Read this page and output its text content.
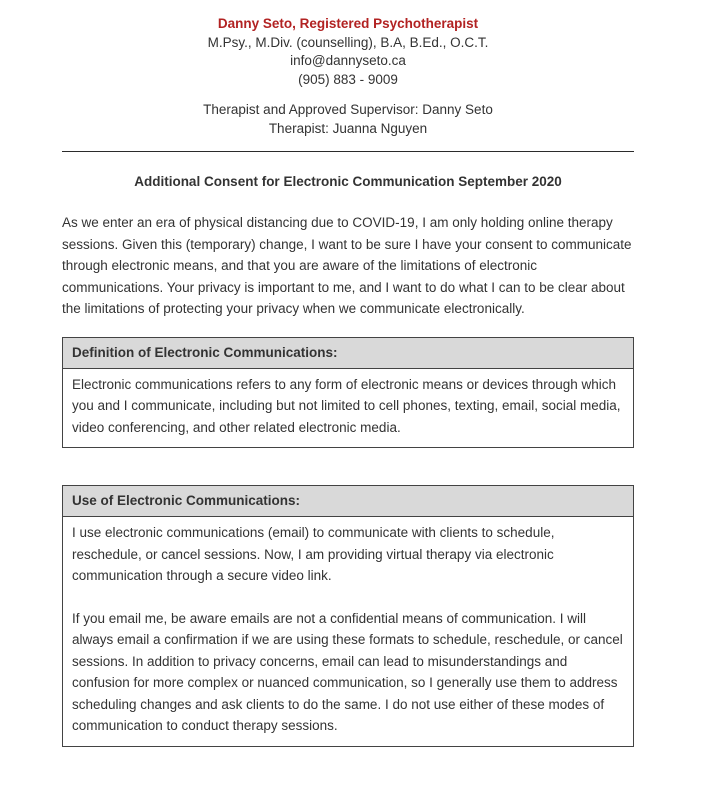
Danny Seto, Registered Psychotherapist
M.Psy., M.Div. (counselling), B.A, B.Ed., O.C.T.
info@dannyseto.ca
(905) 883 - 9009
Therapist and Approved Supervisor: Danny Seto
Therapist: Juanna Nguyen
Additional Consent for Electronic Communication September 2020
As we enter an era of physical distancing due to COVID-19, I am only holding online therapy sessions. Given this (temporary) change, I want to be sure I have your consent to communicate through electronic means, and that you are aware of the limitations of electronic communications. Your privacy is important to me, and I want to do what I can to be clear about the limitations of protecting your privacy when we communicate electronically.
Definition of Electronic Communications:

Electronic communications refers to any form of electronic means or devices through which you and I communicate, including but not limited to cell phones, texting, email, social media, video conferencing, and other related electronic media.

Use of Electronic Communications:

I use electronic communications (email) to communicate with clients to schedule, reschedule, or cancel sessions. Now, I am providing virtual therapy via electronic communication through a secure video link.

If you email me, be aware emails are not a confidential means of communication. I will always email a confirmation if we are using these formats to schedule, reschedule, or cancel sessions. In addition to privacy concerns, email can lead to misunderstandings and confusion for more complex or nuanced communication, so I generally use them to address scheduling changes and ask clients to do the same. I do not use either of these modes of communication to conduct therapy sessions.
